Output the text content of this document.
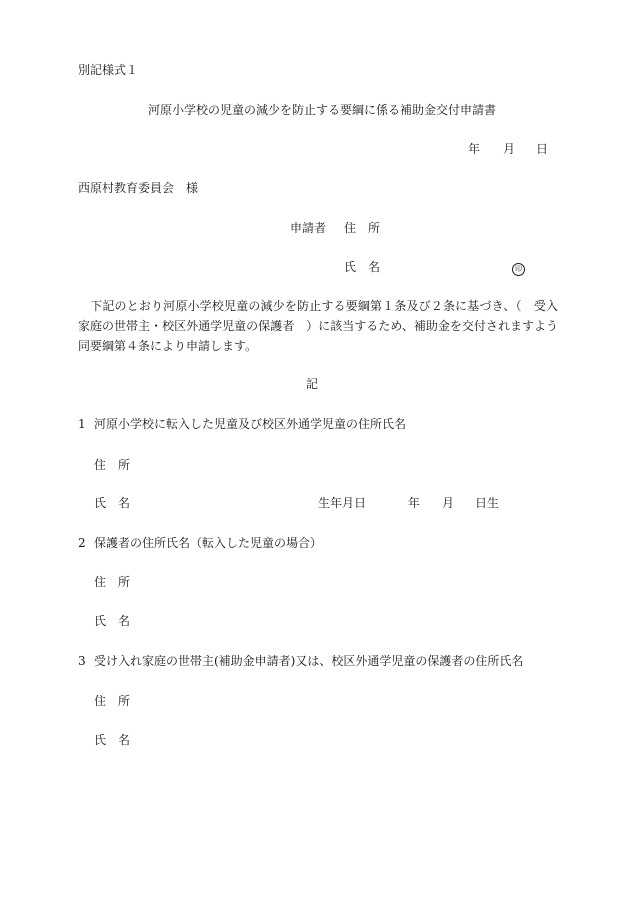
別記様式１
河原小学校の児童の減少を防止する要綱に係る補助金交付申請書
年 月 日
西原村教育委員会　様
申請者 住　所
氏　名	印
　下記のとおり河原小学校児童の減少を防止する要綱第１条及び２条に基づき、（　受入家庭の世帯主・校区外通学児童の保護者　）に該当するため、補助金を交付されますよう同要綱第４条により申請します。
記
1 河原小学校に転入した児童及び校区外通学児童の住所氏名
住　所
氏　名	生年月日	年 月 日生
2 保護者の住所氏名（転入した児童の場合）
住　所
氏　名
3 受け入れ家庭の世帯主(補助金申請者)又は、校区外通学児童の保護者の住所氏名
住　所
氏　名
